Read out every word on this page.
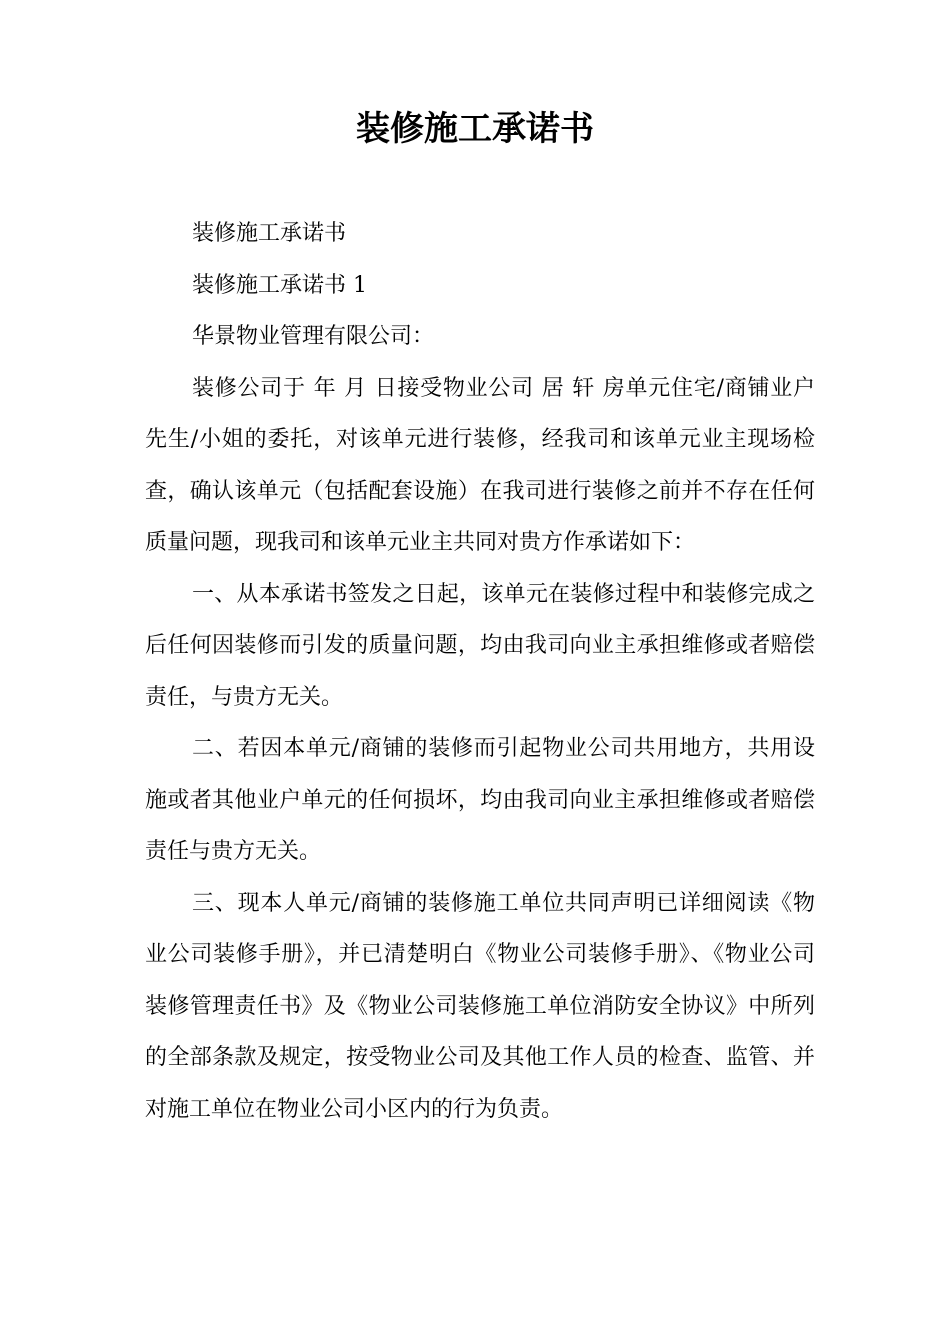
装修施工承诺书

装修施工承诺书

装修施工承诺书 1

华景物业管理有限公司：

装修公司于 年 月 日接受物业公司 居 轩 房单元住宅/商铺业户 先生/小姐的委托，对该单元进行装修，经我司和该单元业主现场检查，确认该单元（包括配套设施）在我司进行装修之前并不存在任何质量问题，现我司和该单元业主共同对贵方作承诺如下：

一、从本承诺书签发之日起，该单元在装修过程中和装修完成之后任何因装修而引发的质量问题，均由我司向业主承担维修或者赔偿责任，与贵方无关。

二、若因本单元/商铺的装修而引起物业公司共用地方，共用设施或者其他业户单元的任何损坏，均由我司向业主承担维修或者赔偿责任与贵方无关。

三、现本人单元/商铺的装修施工单位共同声明已详细阅读《物业公司装修手册》，并已清楚明白《物业公司装修手册》、《物业公司装修管理责任书》及《物业公司装修施工单位消防安全协议》中所列的全部条款及规定，按受物业公司及其他工作人员的检查、监管、并对施工单位在物业公司小区内的行为负责。
